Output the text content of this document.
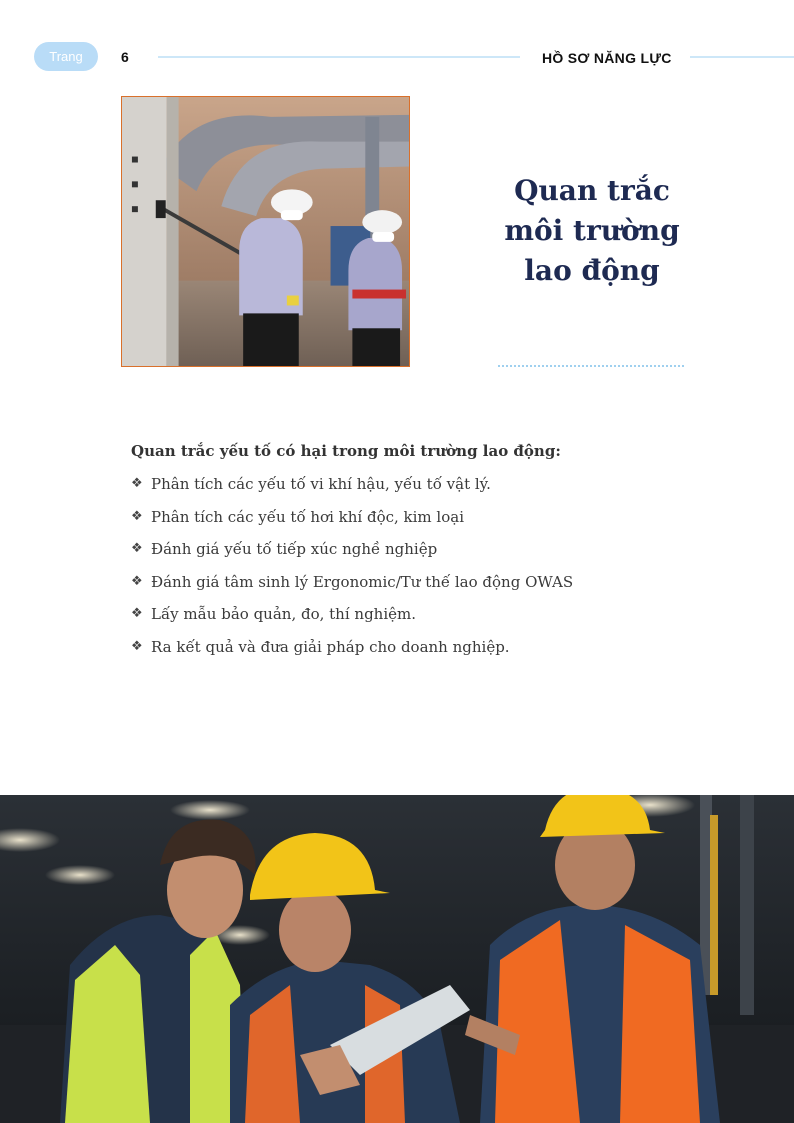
Trang	6	HỒ SƠ NĂNG LỰC
Quan trắc
môi trường
lao động
Quan trắc yếu tố có hại trong môi trường lao động:
❖ Phân tích các yếu tố vi khí hậu, yếu tố vật lý.
❖ Phân tích các yếu tố hơi khí độc, kim loại
❖ Đánh giá yếu tố tiếp xúc nghề nghiệp
❖ Đánh giá tâm sinh lý Ergonomic/Tư thế lao động OWAS
❖ Lấy mẫu bảo quản, đo, thí nghiệm.
❖ Ra kết quả và đưa giải pháp cho doanh nghiệp.
